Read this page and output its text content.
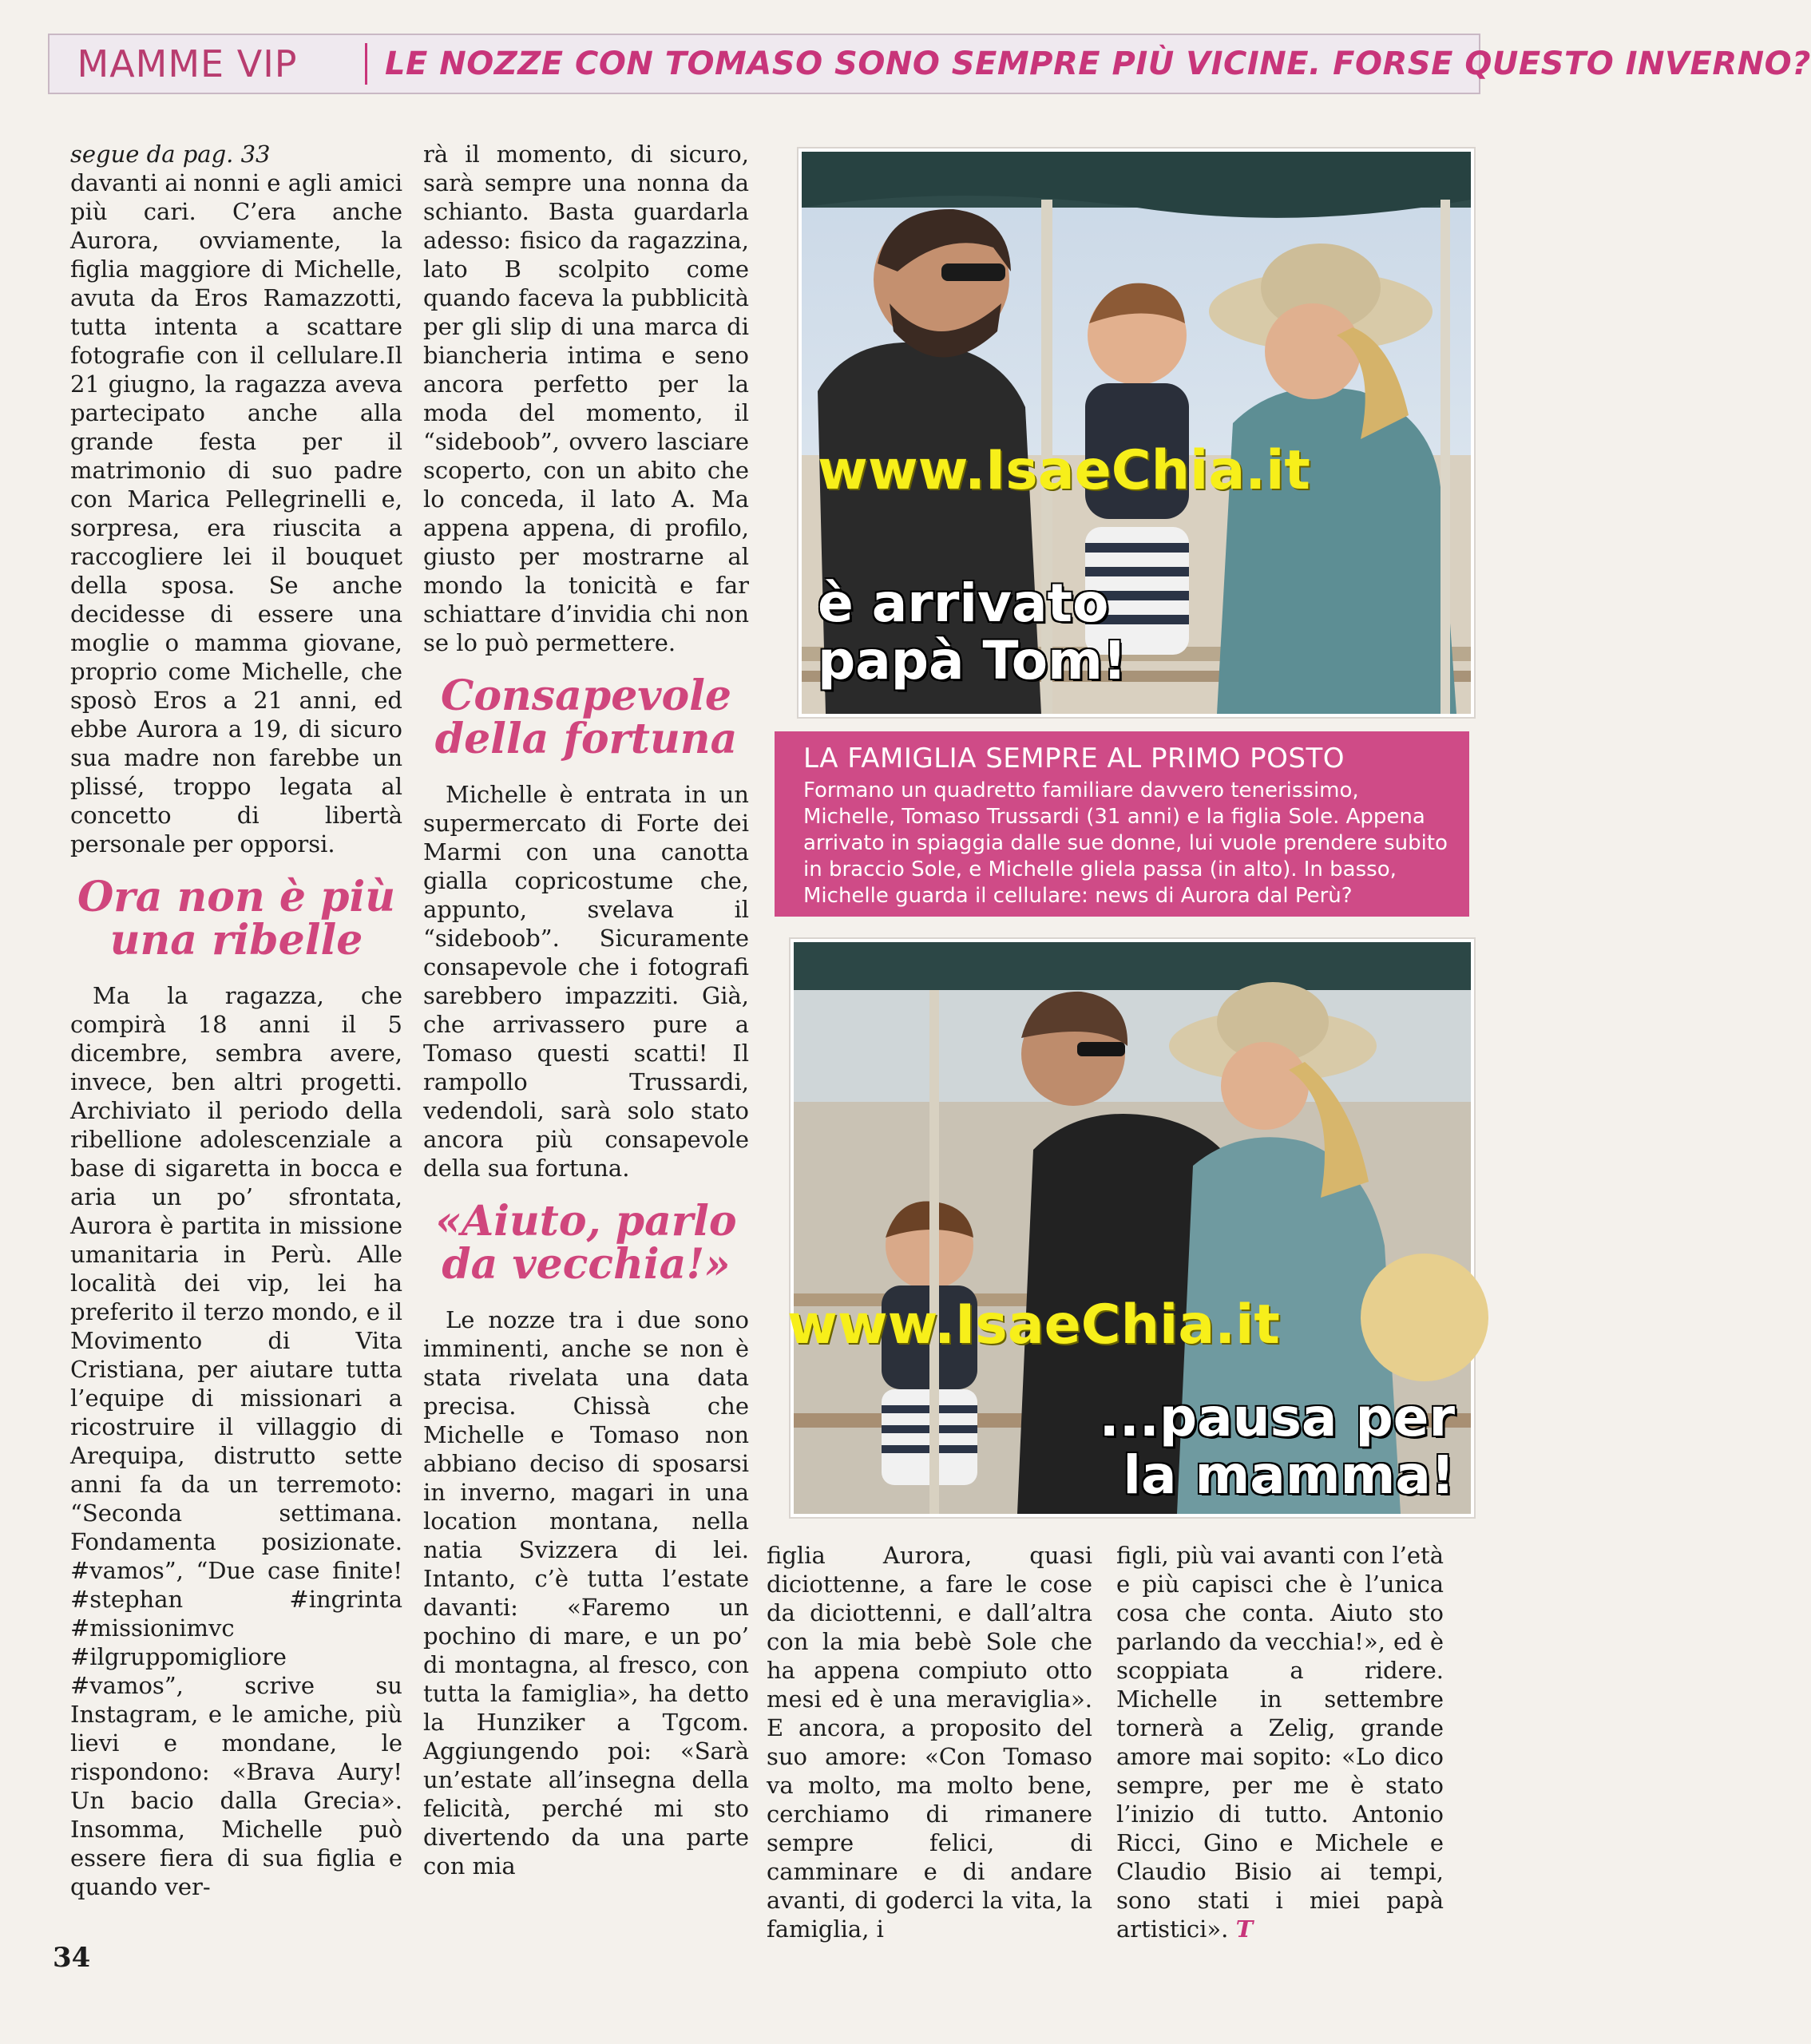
MAMME VIP	LE NOZZE CON TOMASO SONO SEMPRE PIÙ VICINE. FORSE QUESTO INVERNO?

segue da pag. 33

davanti ai nonni e agli amici più cari. C’era anche Aurora, ovviamente, la figlia maggiore di Michelle, avuta da Eros Ramazzotti, tutta intenta a scattare fotografie con il cellulare.Il 21 giugno, la ragazza aveva partecipato anche alla grande festa per il matrimonio di suo padre con Marica Pellegrinelli e, sorpresa, era riuscita a raccogliere lei il bouquet della sposa. Se anche decidesse di essere una moglie o mamma giovane, proprio come Michelle, che sposò Eros a 21 anni, ed ebbe Aurora a 19, di sicuro sua madre non farebbe un plissé, troppo legata al concetto di libertà personale per opporsi.

Ora non è più una ribelle

Ma la ragazza, che compirà 18 anni il 5 dicembre, sembra avere, invece, ben altri progetti. Archiviato il periodo della ribellione adolescenziale a base di sigaretta in bocca e aria un po’ sfrontata, Aurora è partita in missione umanitaria in Perù. Alle località dei vip, lei ha preferito il terzo mondo, e il Movimento di Vita Cristiana, per aiutare tutta l’equipe di missionari a ricostruire il villaggio di Arequipa, distrutto sette anni fa da un terremoto: “Seconda settimana. Fondamenta posizionate. #vamos”, “Due case finite! #stephan #ingrinta #missionimvc #ilgruppomigliore #vamos”, scrive su Instagram, e le amiche, più lievi e mondane, le rispondono: «Brava Aury! Un bacio dalla Grecia». Insomma, Michelle può essere fiera di sua figlia e quando ver-

rà il momento, di sicuro, sarà sempre una nonna da schianto. Basta guardarla adesso: fisico da ragazzina, lato B scolpito come quando faceva la pubblicità per gli slip di una marca di biancheria intima e seno ancora perfetto per la moda del momento, il “sideboob”, ovvero lasciare scoperto, con un abito che lo conceda, il lato A. Ma appena appena, di profilo, giusto per mostrarne al mondo la tonicità e far schiattare d’invidia chi non se lo può permettere.

Consapevole della fortuna

Michelle è entrata in un supermercato di Forte dei Marmi con una canotta gialla copricostume che, appunto, svelava il “sideboob”. Sicuramente consapevole che i fotografi sarebbero impazziti. Già, che arrivassero pure a Tomaso questi scatti! Il rampollo Trussardi, vedendoli, sarà solo stato ancora più consapevole della sua fortuna.

«Aiuto, parlo da vecchia!»

Le nozze tra i due sono imminenti, anche se non è stata rivelata una data precisa. Chissà che Michelle e Tomaso non abbiano deciso di sposarsi in inverno, magari in una location montana, nella natia Svizzera di lei. Intanto, c’è tutta l’estate davanti: «Faremo un pochino di mare, e un po’ di montagna, al fresco, con tutta la famiglia», ha detto la Hunziker a Tgcom. Aggiungendo poi: «Sarà un’estate all’insegna della felicità, perché mi sto divertendo da una parte con mia

figlia Aurora, quasi diciottenne, a fare le cose da diciottenni, e dall’altra con la mia bebè Sole che ha appena compiuto otto mesi ed è una meraviglia». E ancora, a proposito del suo amore: «Con Tomaso va molto, ma molto bene, cerchiamo di rimanere sempre felici, di camminare e di andare avanti, di goderci la vita, la famiglia, i

figli, più vai avanti con l’età e più capisci che è l’unica cosa che conta. Aiuto sto parlando da vecchia!», ed è scoppiata a ridere. Michelle in settembre tornerà a Zelig, grande amore mai sopito: «Lo dico sempre, per me è stato l’inizio di tutto. Antonio Ricci, Gino e Michele e Claudio Bisio ai tempi, sono stati i miei papà artistici». T

www.IsaeChia.it
è arrivato
papà Tom!
LA FAMIGLIA SEMPRE AL PRIMO POSTO
Formano un quadretto familiare davvero tenerissimo, Michelle, Tomaso Trussardi (31 anni) e la figlia Sole. Appena arrivato in spiaggia dalle sue donne, lui vuole prendere subito in braccio Sole, e Michelle gliela passa (in alto). In basso, Michelle guarda il cellulare: news di Aurora dal Perù?
www.IsaeChia.it
...pausa per
la mamma!
34
